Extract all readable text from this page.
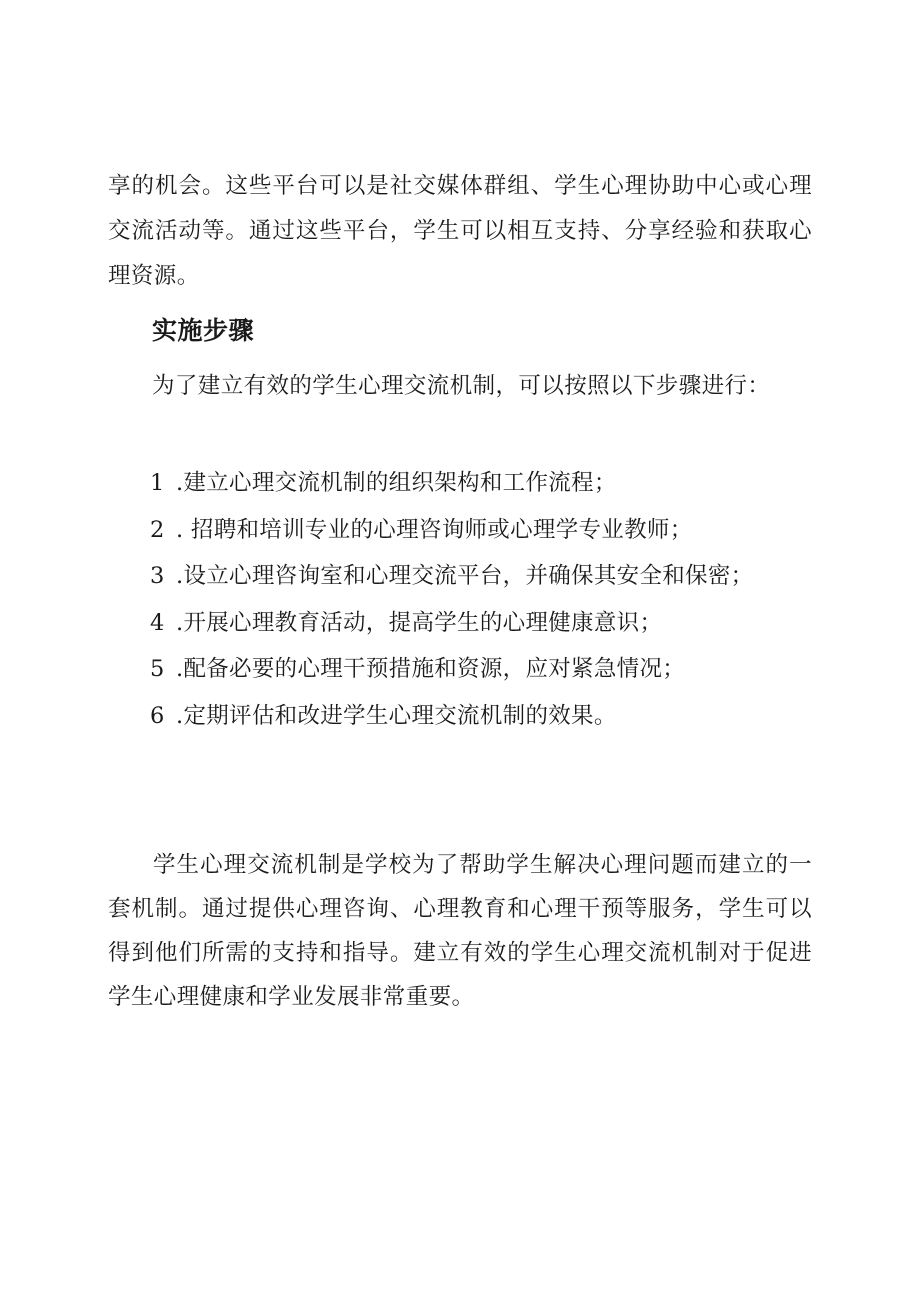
享的机会。这些平台可以是社交媒体群组、学生心理协助中心或心理交流活动等。通过这些平台，学生可以相互支持、分享经验和获取心理资源。

实施步骤

为了建立有效的学生心理交流机制，可以按照以下步骤进行：

1 .建立心理交流机制的组织架构和工作流程；
2 . 招聘和培训专业的心理咨询师或心理学专业教师；
3 .设立心理咨询室和心理交流平台，并确保其安全和保密；
4 .开展心理教育活动，提高学生的心理健康意识；
5 .配备必要的心理干预措施和资源，应对紧急情况；
6 .定期评估和改进学生心理交流机制的效果。

学生心理交流机制是学校为了帮助学生解决心理问题而建立的一套机制。通过提供心理咨询、心理教育和心理干预等服务，学生可以得到他们所需的支持和指导。建立有效的学生心理交流机制对于促进学生心理健康和学业发展非常重要。
